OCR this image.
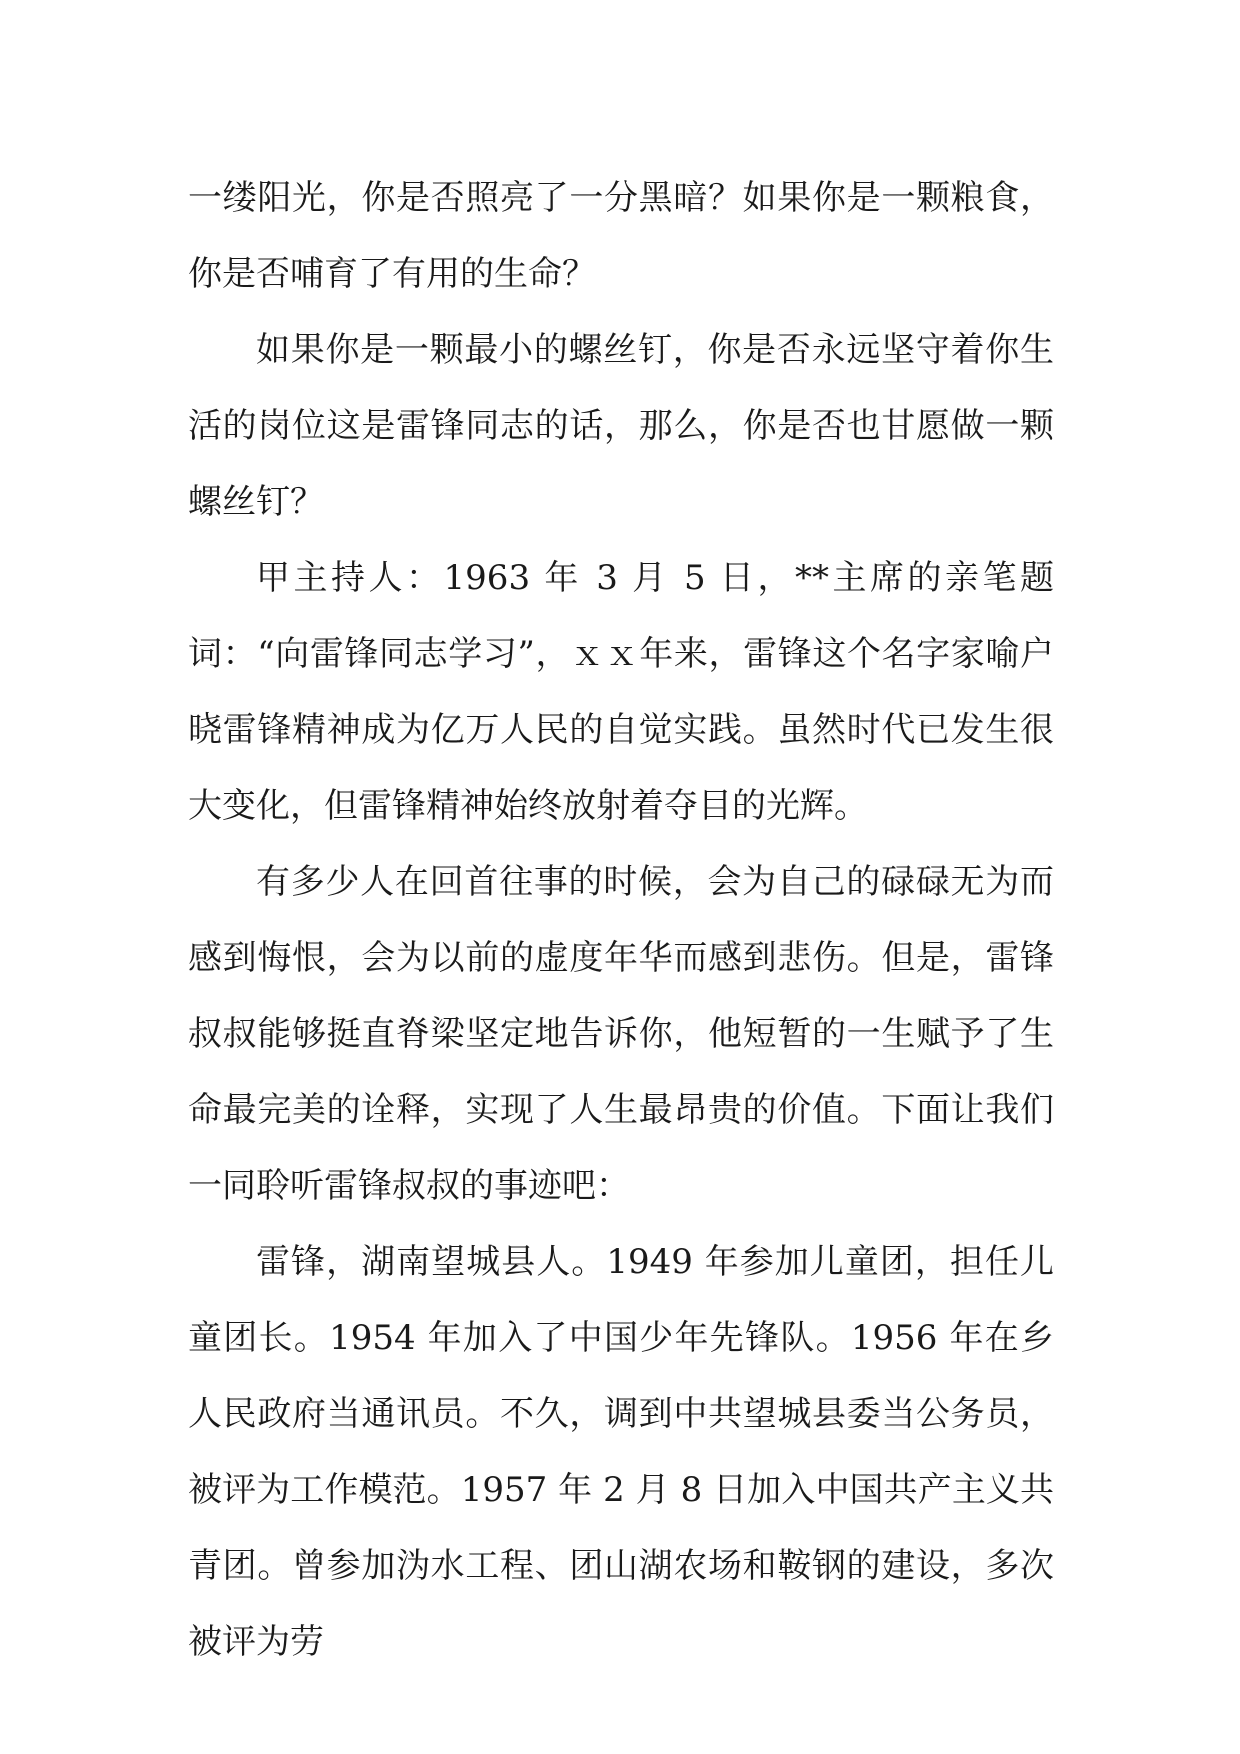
一缕阳光，你是否照亮了一分黑暗？如果你是一颗粮食，你是否哺育了有用的生命？

如果你是一颗最小的螺丝钉，你是否永远坚守着你生活的岗位这是雷锋同志的话，那么，你是否也甘愿做一颗螺丝钉？

甲主持人：1963 年 3 月 5 日，**主席的亲笔题词：“向雷锋同志学习”，ｘｘ年来，雷锋这个名字家喻户晓雷锋精神成为亿万人民的自觉实践。虽然时代已发生很大变化，但雷锋精神始终放射着夺目的光辉。

有多少人在回首往事的时候，会为自己的碌碌无为而感到悔恨，会为以前的虚度年华而感到悲伤。但是，雷锋叔叔能够挺直脊梁坚定地告诉你，他短暂的一生赋予了生命最完美的诠释，实现了人生最昂贵的价值。下面让我们一同聆听雷锋叔叔的事迹吧：

雷锋，湖南望城县人。1949 年参加儿童团，担任儿童团长。1954 年加入了中国少年先锋队。1956 年在乡人民政府当通讯员。不久，调到中共望城县委当公务员，被评为工作模范。1957 年 2 月 8 日加入中国共产主义共青团。曾参加沩水工程、团山湖农场和鞍钢的建设，多次被评为劳
